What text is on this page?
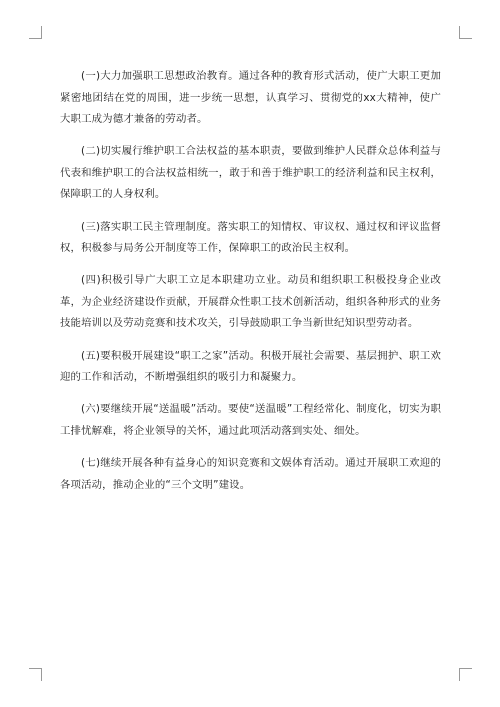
(一)大力加强职工思想政治教育。通过各种的教育形式活动，使广大职工更加紧密地团结在党的周围，进一步统一思想，认真学习、贯彻党的xx大精神，使广大职工成为德才兼备的劳动者。

(二)切实履行维护职工合法权益的基本职责，要做到维护人民群众总体利益与代表和维护职工的合法权益相统一，敢于和善于维护职工的经济利益和民主权利，保障职工的人身权利。

(三)落实职工民主管理制度。落实职工的知情权、审议权、通过权和评议监督权，积极参与局务公开制度等工作，保障职工的政治民主权利。

(四)积极引导广大职工立足本职建功立业。动员和组织职工积极投身企业改革，为企业经济建设作贡献，开展群众性职工技术创新活动，组织各种形式的业务技能培训以及劳动竞赛和技术攻关，引导鼓励职工争当新世纪知识型劳动者。

(五)要积极开展建设“职工之家”活动。积极开展社会需要、基层拥护、职工欢迎的工作和活动，不断增强组织的吸引力和凝聚力。

(六)要继续开展“送温暖”活动。要使“送温暖”工程经常化、制度化，切实为职工排忧解难，将企业领导的关怀，通过此项活动落到实处、细处。

(七)继续开展各种有益身心的知识竞赛和文娱体育活动。通过开展职工欢迎的各项活动，推动企业的“三个文明”建设。
